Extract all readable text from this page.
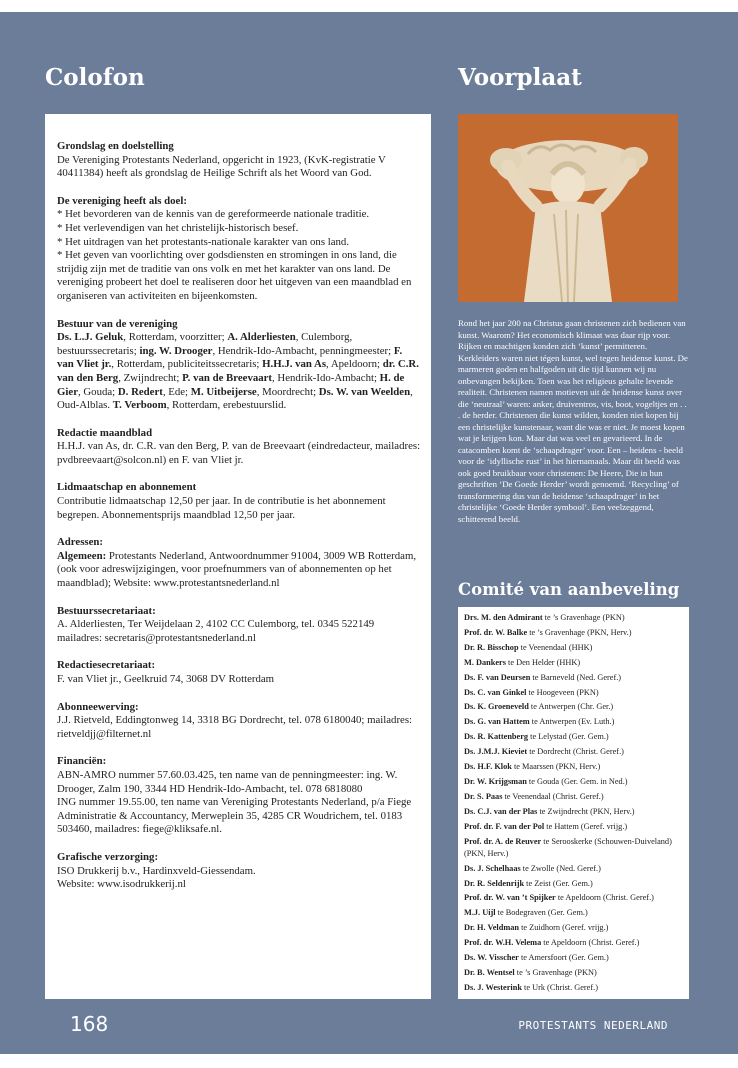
Colofon	Voorplaat
Grondslag en doelstelling

De Vereniging Protestants Nederland, opgericht in 1923, (KvK-registratie V 40411384) heeft als grondslag de Heilige Schrift als het Woord van God.

De vereniging heeft als doel:

* Het bevorderen van de kennis van de gereformeerde nationale traditie.

* Het verlevendigen van het christelijk-historisch besef.

* Het uitdragen van het protestants-nationale karakter van ons land.

* Het geven van voorlichting over godsdiensten en stromingen in ons land, die strijdig zijn met de traditie van ons volk en met het karakter van ons land. De vereniging probeert het doel te realiseren door het uitgeven van een maandblad en organiseren van activiteiten en bijeenkomsten.

Bestuur van de vereniging

Ds. L.J. Geluk, Rotterdam, voorzitter; A. Alderliesten, Culemborg, bestuurssecretaris; ing. W. Drooger, Hendrik-Ido-Ambacht, penningmeester; F. van Vliet jr., Rotterdam, publiciteitssecretaris; H.H.J. van As, Apeldoorn; dr. C.R. van den Berg, Zwijndrecht; P. van de Breevaart, Hendrik-Ido-Ambacht; H. de Gier, Gouda; D. Redert, Ede; M. Uitbeijerse, Moordrecht; Ds. W. van Weelden, Oud-Alblas. T. Verboom, Rotterdam, erebestuurslid.

Redactie maandblad

H.H.J. van As, dr. C.R. van den Berg, P. van de Breevaart (eindredacteur, mailadres: pvdbreevaart@solcon.nl) en F. van Vliet jr.

Lidmaatschap en abonnement

Contributie lidmaatschap 12,50 per jaar. In de contributie is het abonnement begrepen. Abonnementsprijs maandblad 12,50 per jaar.

Adressen:

Algemeen: Protestants Nederland, Antwoordnummer 91004, 3009 WB Rotterdam, (ook voor adreswijzigingen, voor proefnummers van of abonnementen op het maandblad); Website: www.protestantsnederland.nl

Bestuurssecretariaat:

A. Alderliesten, Ter Weijdelaan 2, 4102 CC Culemborg, tel. 0345 522149 mailadres: secretaris@protestantsnederland.nl

Redactiesecretariaat:

F. van Vliet jr., Geelkruid 74, 3068 DV Rotterdam

Abonneewerving:

J.J. Rietveld, Eddingtonweg 14, 3318 BG Dordrecht, tel. 078 6180040; mailadres: rietveldjj@filternet.nl

Financiën:

ABN-AMRO nummer 57.60.03.425, ten name van de penningmeester: ing. W. Drooger, Zalm 190, 3344 HD Hendrik-Ido-Ambacht, tel. 078 6818080

ING nummer 19.55.00, ten name van Vereniging Protestants Nederland, p/a Fiege Administratie & Accountancy, Merweplein 35, 4285 CR Woudrichem, tel. 0183 503460, mailadres: fiege@kliksafe.nl.

Grafische verzorging:

ISO Drukkerij b.v., Hardinxveld-Giessendam.

Website: www.isodrukkerij.nl

Rond het jaar 200 na Christus gaan christenen zich bedienen van kunst. Waarom? Het economisch klimaat was daar rijp voor. Rijken en machtigen konden zich ‘kunst’ permitteren. Kerkleiders waren niet tégen kunst, wel tegen heidense kunst. De marmeren goden en halfgoden uit die tijd kunnen wij nu onbevangen bekijken. Toen was het religieus gehalte levende realiteit. Christenen namen motieven uit de heidense kunst over die ‘neutraal’ waren: anker, druiventros, vis, boot, vogeltjes en . . . de herder. Christenen die kunst wilden, konden niet kopen bij een christelijke kunstenaar, want die was er niet. Je moest kopen wat je krijgen kon. Maar dat was veel en gevarieerd. In de catacomben komt de ‘schaapdrager’ voor. Een – heidens - beeld voor de ‘idyllische rust’ in het hiernamaals. Maar dit beeld was ook goed bruikbaar voor christenen: De Heere, Die in hun geschriften ‘De Goede Herder’ wordt genoemd. ‘Recycling’ of transformering dus van de heidense ‘schaapdrager’ in het christelijke ‘Goede Herder symbool’. Een veelzeggend, schitterend beeld.

Comité van aanbeveling
Drs. M. den Admirant te ’s Gravenhage (PKN)
Prof. dr. W. Balke te ’s Gravenhage (PKN, Herv.)
Dr. R. Bisschop te Veenendaal (HHK)
M. Dankers te Den Helder (HHK)
Ds. F. van Deursen te Barneveld (Ned. Geref.)
Ds. C. van Ginkel te Hoogeveen (PKN)
Ds. K. Groeneveld te Antwerpen (Chr. Ger.)
Ds. G. van Hattem te Antwerpen (Ev. Luth.)
Ds. R. Kattenberg te Lelystad (Ger. Gem.)
Ds. J.M.J. Kieviet te Dordrecht (Christ. Geref.)
Ds. H.F. Klok te Maarssen (PKN, Herv.)
Dr. W. Krijgsman te Gouda (Ger. Gem. in Ned.)
Dr. S. Paas te Veenendaal (Christ. Geref.)
Ds. C.J. van der Plas te Zwijndrecht (PKN, Herv.)
Prof. dr. F. van der Pol te Hattem (Geref. vrijg.)
Prof. dr. A. de Reuver te Serooskerke (Schouwen-Duiveland) (PKN, Herv.)
Ds. J. Schelhaas te Zwolle (Ned. Geref.)
Dr. R. Seldenrijk te Zeist (Ger. Gem.)
Prof. dr. W. van ’t Spijker te Apeldoorn (Christ. Geref.)
M.J. Uijl te Bodegraven (Ger. Gem.)
Dr. H. Veldman te Zuidhorn (Geref. vrijg.)
Prof. dr. W.H. Velema te Apeldoorn (Christ. Geref.)
Ds. W. Visscher te Amersfoort (Ger. Gem.)
Dr. B. Wentsel te ’s Gravenhage (PKN)
Ds. J. Westerink te Urk (Christ. Geref.)
168	PROTESTANTS NEDERLAND
